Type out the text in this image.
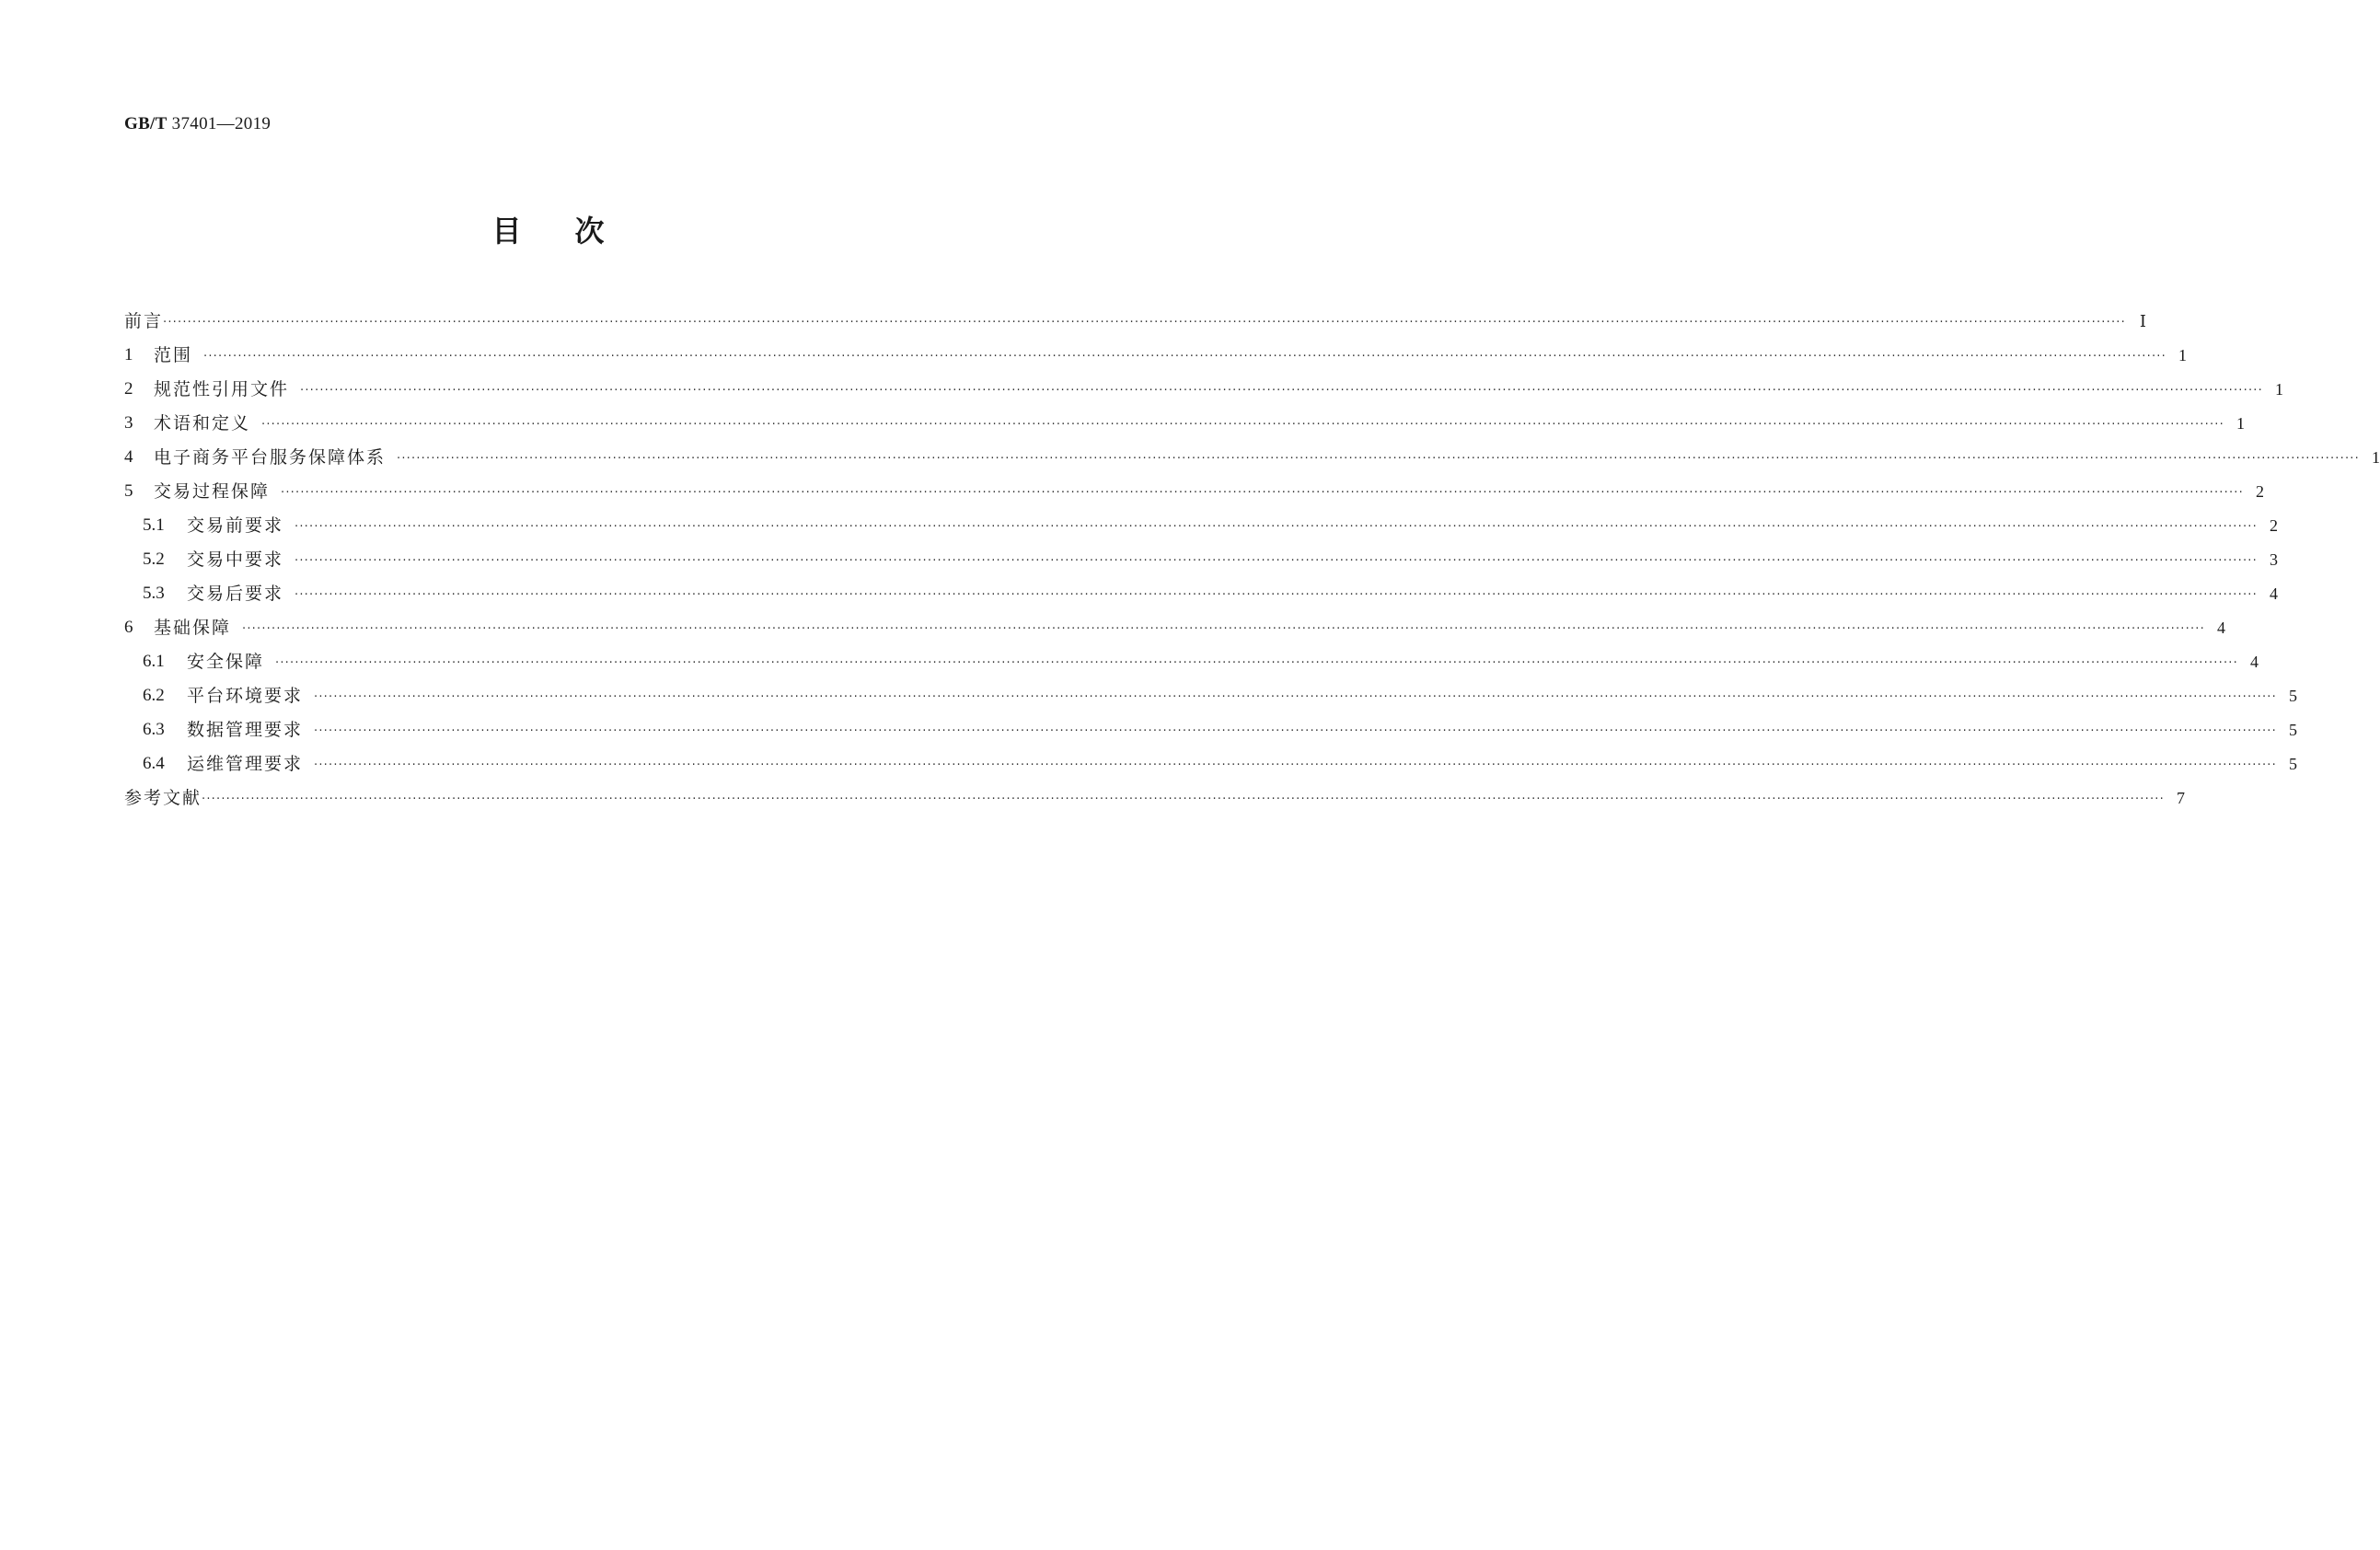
GB/T 37401—2019
目次
前言 ················································································································································································································································································································································································································ Ⅰ
1	范围 ················································································································································································································································································································································································································ 1
2	规范性引用文件 ················································································································································································································································································································································································································ 1
3	术语和定义 ················································································································································································································································································································································································································ 1
4	电子商务平台服务保障体系 ················································································································································································································································································································································································································ 1
5	交易过程保障 ················································································································································································································································································································································································································ 2
5.1	交易前要求 ················································································································································································································································································································································································································ 2
5.2	交易中要求 ················································································································································································································································································································································································································ 3
5.3	交易后要求 ················································································································································································································································································································································································································ 4
6	基础保障 ················································································································································································································································································································································································································ 4
6.1	安全保障 ················································································································································································································································································································································································································ 4
6.2	平台环境要求 ················································································································································································································································································································································································································ 5
6.3	数据管理要求 ················································································································································································································································································································································································································ 5
6.4	运维管理要求 ················································································································································································································································································································································································································ 5
参考文献 ················································································································································································································································································································································································································ 7
